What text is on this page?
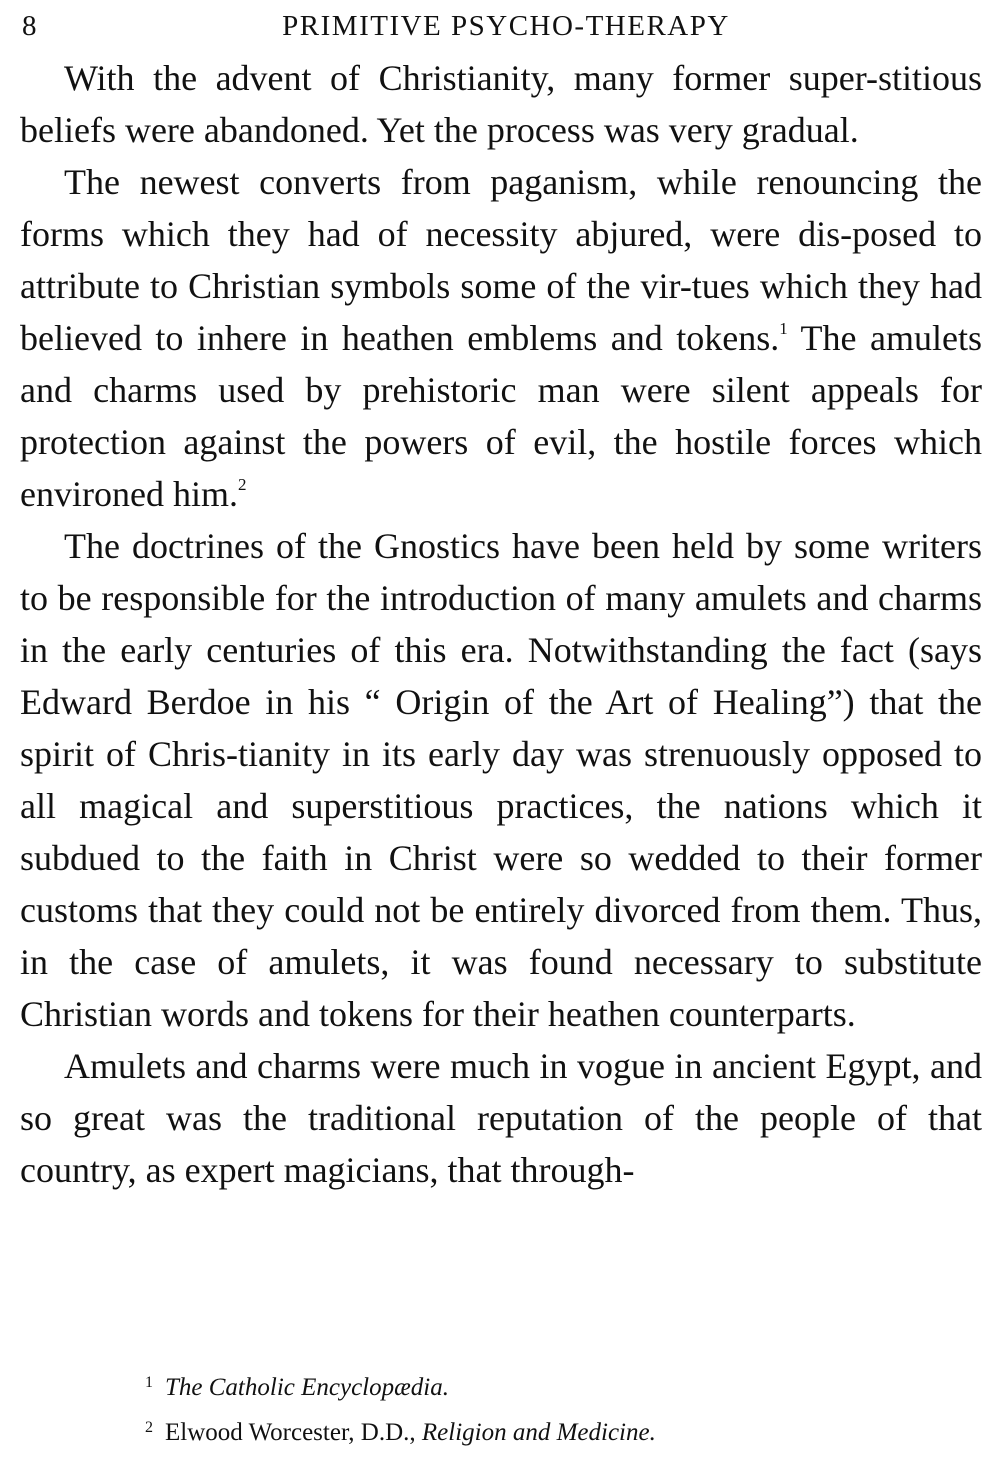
8	PRIMITIVE PSYCHO-THERAPY

With the advent of Christianity, many former super-stitious beliefs were abandoned. Yet the process was very gradual.

The newest converts from paganism, while renouncing the forms which they had of necessity abjured, were dis-posed to attribute to Christian symbols some of the vir-tues which they had believed to inhere in heathen emblems and tokens.$^1$ The amulets and charms used by prehistoric man were silent appeals for protection against the powers of evil, the hostile forces which environed him.$^2$

The doctrines of the Gnostics have been held by some writers to be responsible for the introduction of many amulets and charms in the early centuries of this era. Notwithstanding the fact (says Edward Berdoe in his “ Origin of the Art of Healing”) that the spirit of Chris-tianity in its early day was strenuously opposed to all magical and superstitious practices, the nations which it subdued to the faith in Christ were so wedded to their former customs that they could not be entirely divorced from them. Thus, in the case of amulets, it was found necessary to substitute Christian words and tokens for their heathen counterparts.

Amulets and charms were much in vogue in ancient Egypt, and so great was the traditional reputation of the people of that country, as expert magicians, that through-

$^1$ The Catholic Encyclopædia.
$^2$ Elwood Worcester, D.D., Religion and Medicine.
